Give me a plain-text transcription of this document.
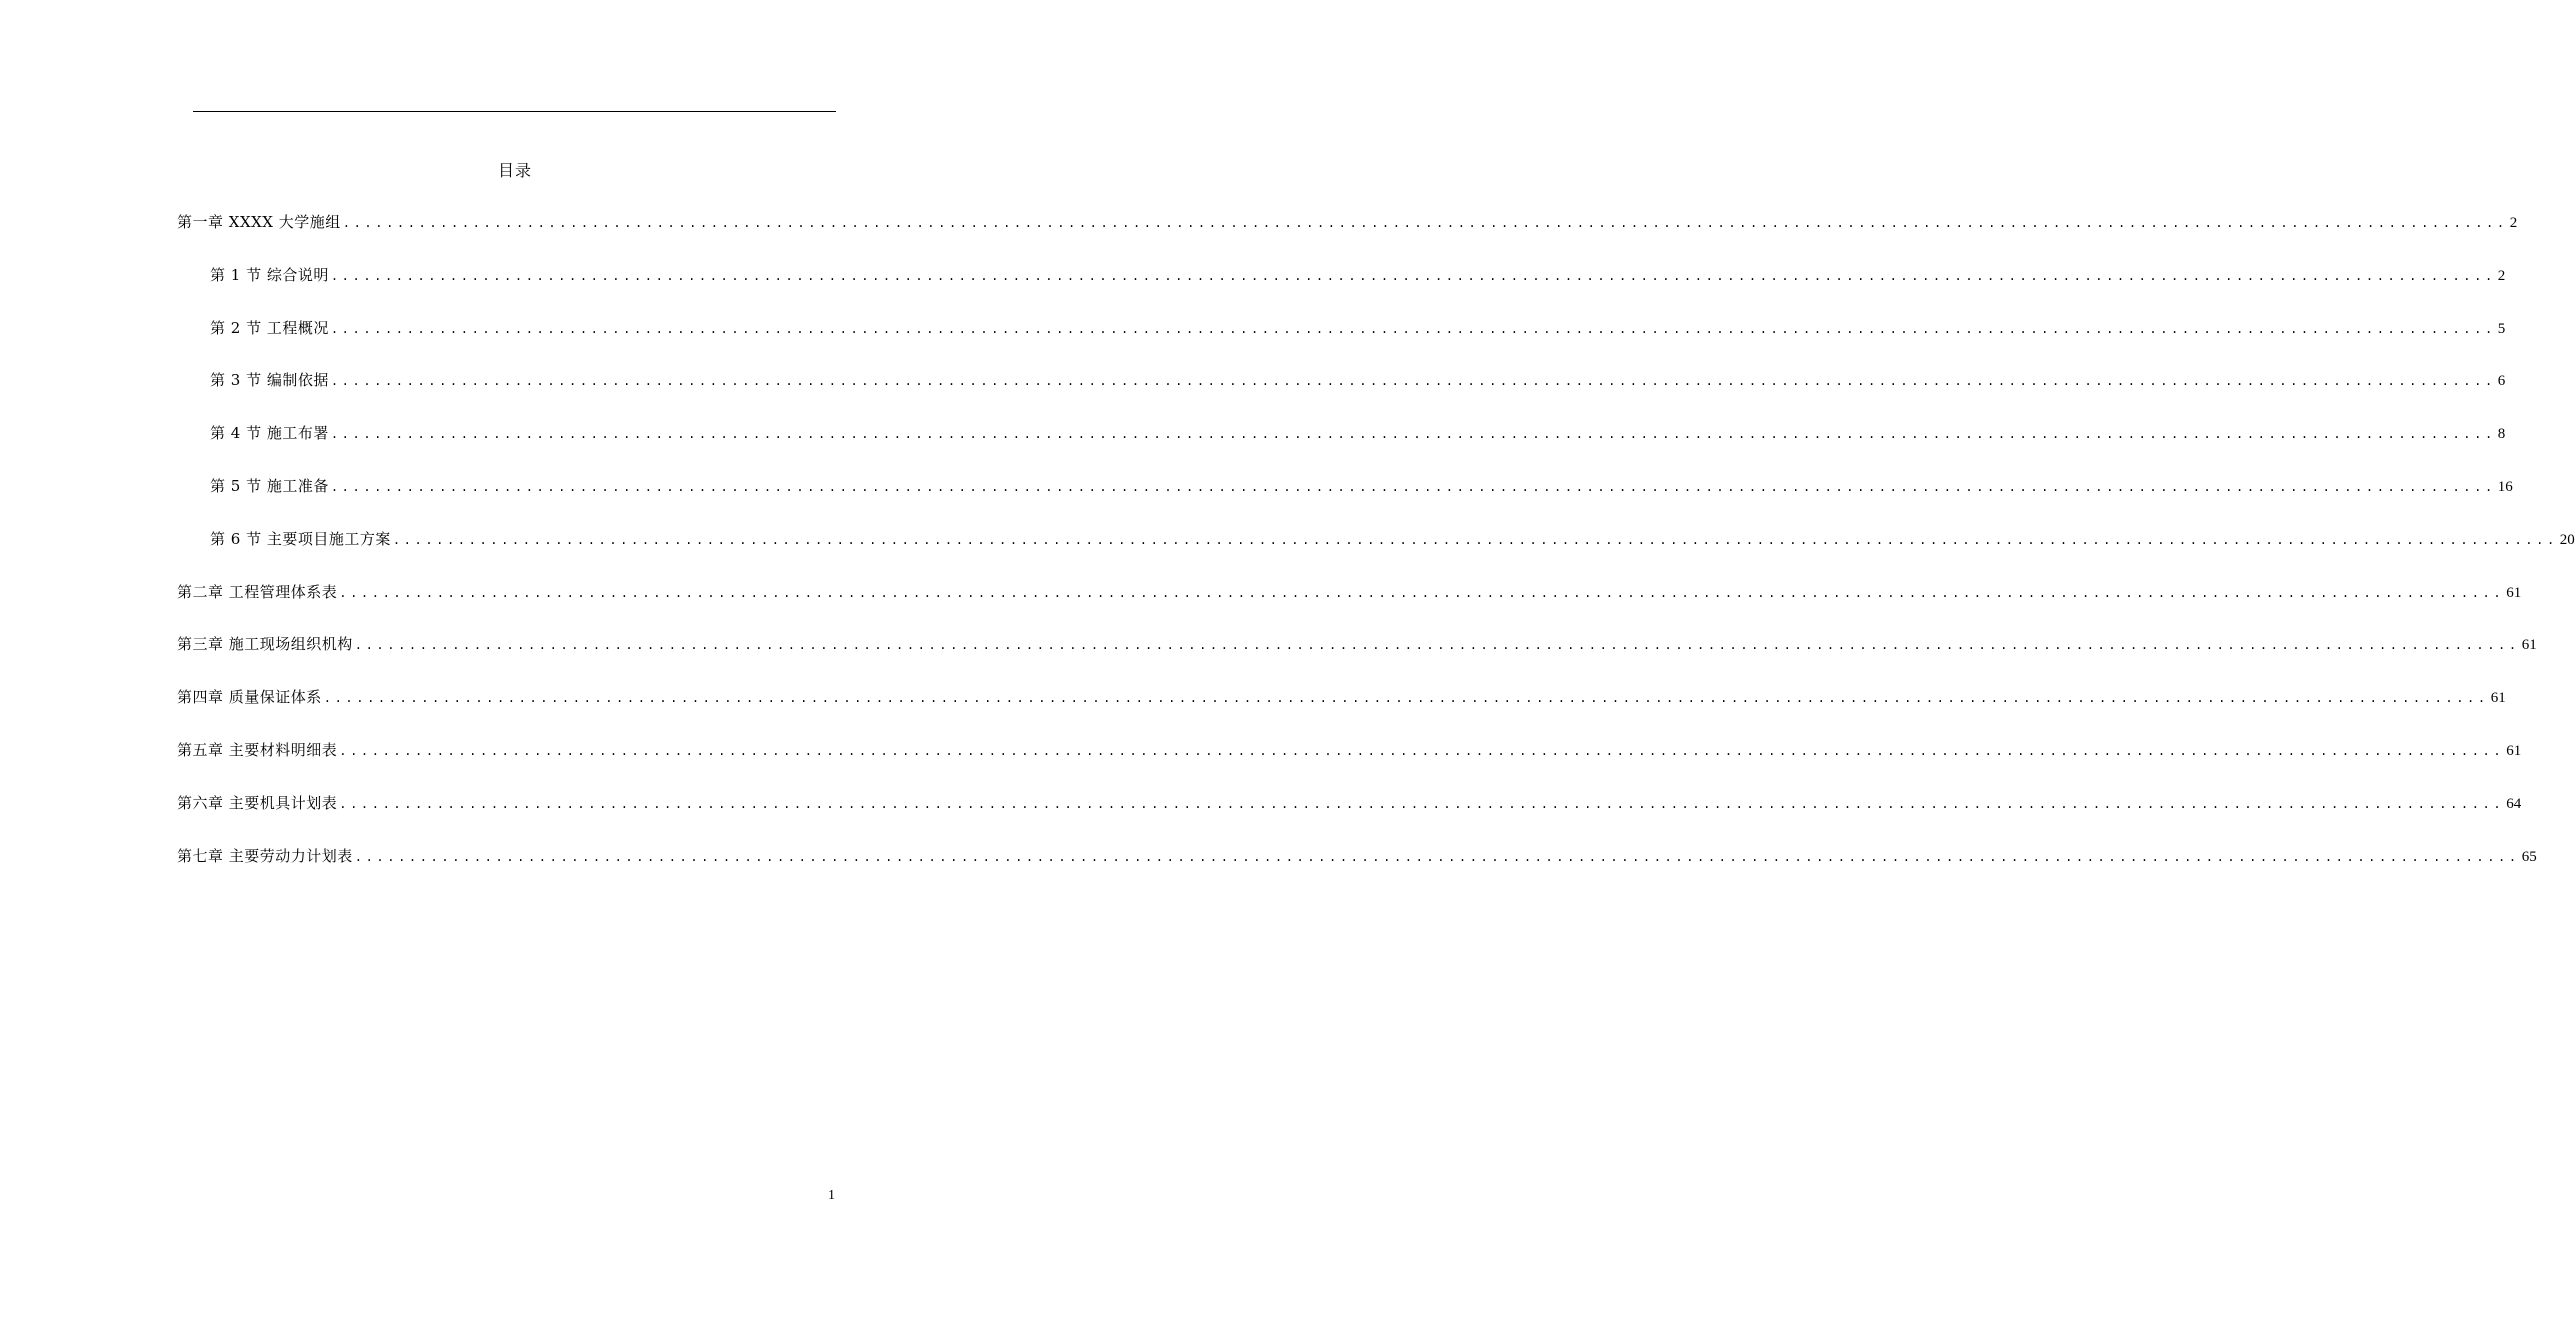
目录
第一章 XXXX 大学施组 ........................................................................................................................................................................................................ 2
第 1 节 综合说明 ........................................................................................................................................................................................................ 2
第 2 节 工程概况 ........................................................................................................................................................................................................ 5
第 3 节 编制依据 ........................................................................................................................................................................................................ 6
第 4 节 施工布署 ........................................................................................................................................................................................................ 8
第 5 节 施工准备 ........................................................................................................................................................................................................ 16
第 6 节 主要项目施工方案 ........................................................................................................................................................................................................ 20
第二章 工程管理体系表 ........................................................................................................................................................................................................ 61
第三章 施工现场组织机构 ........................................................................................................................................................................................................ 61
第四章 质量保证体系 ........................................................................................................................................................................................................ 61
第五章 主要材料明细表 ........................................................................................................................................................................................................ 61
第六章 主要机具计划表 ........................................................................................................................................................................................................ 64
第七章 主要劳动力计划表 ........................................................................................................................................................................................................ 65
1
